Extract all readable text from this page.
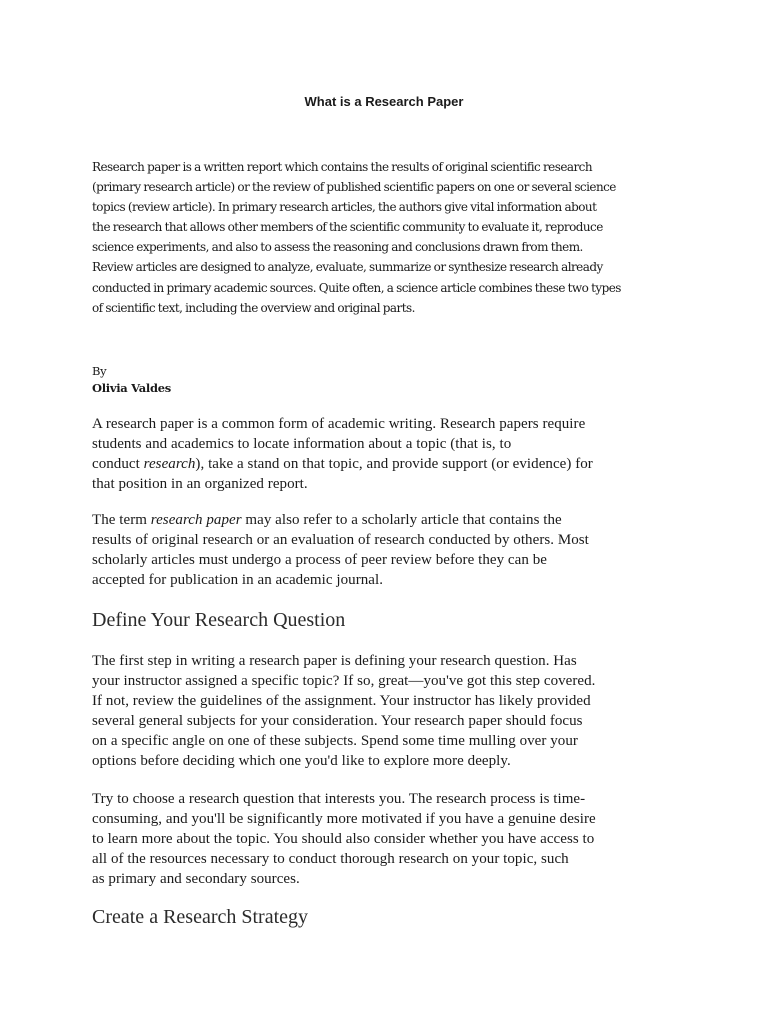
What is a Research Paper
Research paper is a written report which contains the results of original scientific research
(primary research article) or the review of published scientific papers on one or several science
topics (review article). In primary research articles, the authors give vital information about
the research that allows other members of the scientific community to evaluate it, reproduce
science experiments, and also to assess the reasoning and conclusions drawn from them.
Review articles are designed to analyze, evaluate, summarize or synthesize research already
conducted in primary academic sources. Quite often, a science article combines these two types
of scientific text, including the overview and original parts.
By
Olivia Valdes
A research paper is a common form of academic writing. Research papers require
students and academics to locate information about a topic (that is, to
conduct research), take a stand on that topic, and provide support (or evidence) for
that position in an organized report.
The term research paper may also refer to a scholarly article that contains the
results of original research or an evaluation of research conducted by others. Most
scholarly articles must undergo a process of peer review before they can be
accepted for publication in an academic journal.
Define Your Research Question
The first step in writing a research paper is defining your research question. Has
your instructor assigned a specific topic? If so, great—you've got this step covered.
If not, review the guidelines of the assignment. Your instructor has likely provided
several general subjects for your consideration. Your research paper should focus
on a specific angle on one of these subjects. Spend some time mulling over your
options before deciding which one you'd like to explore more deeply.
Try to choose a research question that interests you. The research process is time-
consuming, and you'll be significantly more motivated if you have a genuine desire
to learn more about the topic. You should also consider whether you have access to
all of the resources necessary to conduct thorough research on your topic, such
as primary and secondary sources.
Create a Research Strategy
